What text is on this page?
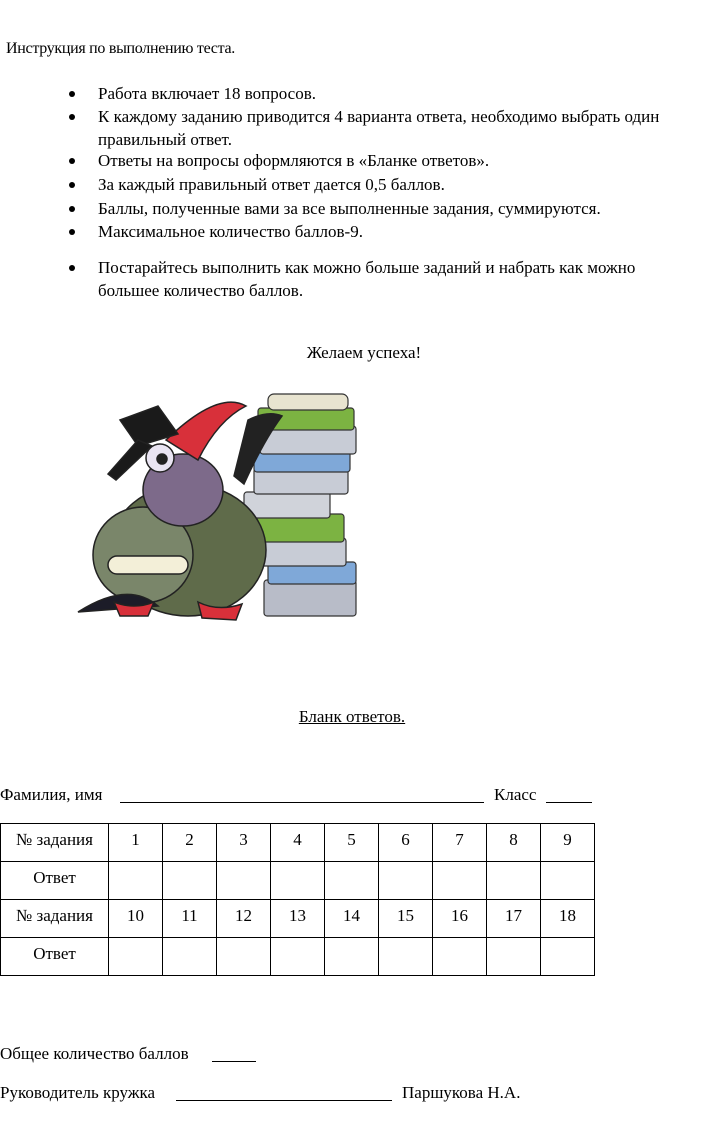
Инструкция по выполнению теста.
Работа включает 18 вопросов.
К каждому заданию приводится 4 варианта ответа, необходимо выбрать один правильный ответ.
Ответы на вопросы оформляются в «Бланке ответов».
За каждый правильный ответ дается 0,5 баллов.
Баллы, полученные вами за все выполненные задания, суммируются.
Максимальное количество баллов-9.
Постарайтесь выполнить как можно больше заданий и набрать как можно большее количество баллов.
Желаем успеха!
Бланк ответов.
Фамилия, имя	Класс
№ задания	1	2	3	4	5	6	7	8	9
Ответ									
№ задания	10	11	12	13	14	15	16	17	18
Ответ									
Общее количество баллов
Руководитель кружка	Паршукова Н.А.
